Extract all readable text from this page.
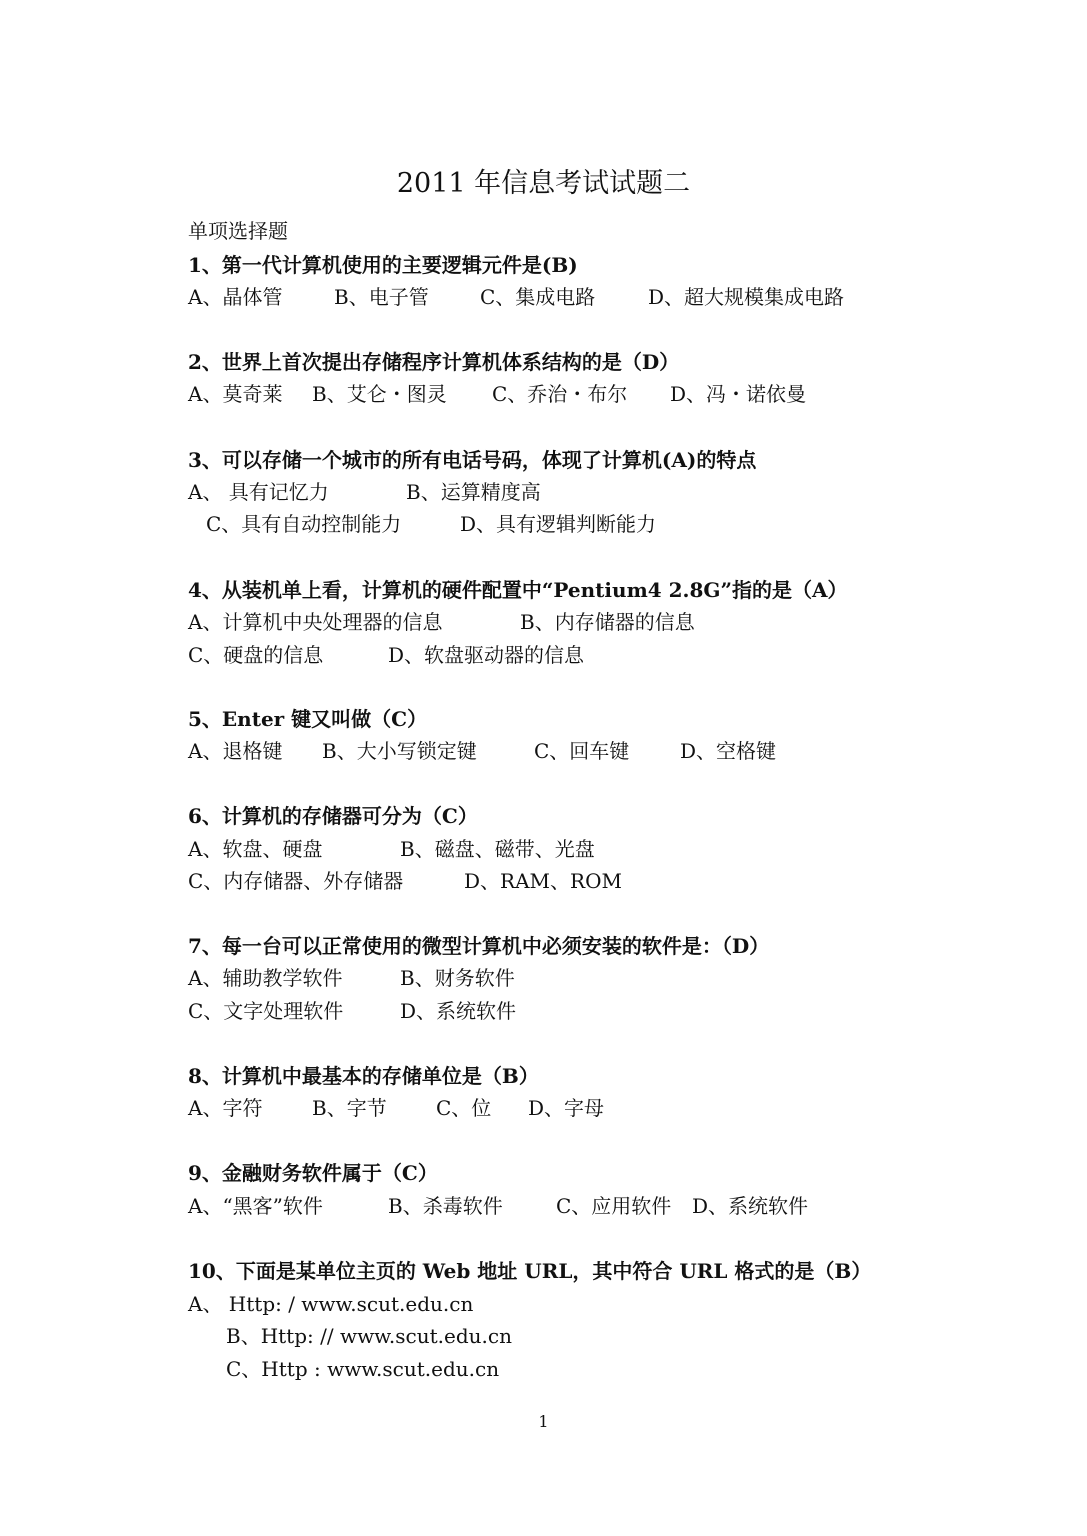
2011 年信息考试试题二

单项选择题

1、第一代计算机使用的主要逻辑元件是(B)

A、晶体管	B、电子管	C、集成电路	D、超大规模集成电路

2、世界上首次提出存储程序计算机体系结构的是（D）

A、莫奇莱 B、艾仑・图灵 C、乔治・布尔 D、冯・诺依曼

3、可以存储一个城市的所有电话号码，体现了计算机(A)的特点

A、 具有记忆力	B、运算精度高

C、具有自动控制能力	D、具有逻辑判断能力

4、从装机单上看，计算机的硬件配置中“Pentium4 2.8G”指的是（A）

A、计算机中央处理器的信息	B、内存储器的信息

C、硬盘的信息	D、软盘驱动器的信息

5、Enter 键又叫做（C）

A、退格键 B、大小写锁定键	C、回车键	D、空格键

6、计算机的存储器可分为（C）

A、软盘、硬盘	B、磁盘、磁带、光盘

C、内存储器、外存储器	D、RAM、ROM

7、每一台可以正常使用的微型计算机中必须安装的软件是：（D）

A、辅助教学软件	B、财务软件

C、文字处理软件	D、系统软件

8、计算机中最基本的存储单位是（B）

A、字符 B、字节 C、位 D、字母

9、金融财务软件属于（C）

A、“黑客”软件	B、杀毒软件	C、应用软件 D、系统软件

10、下面是某单位主页的 Web 地址 URL，其中符合 URL 格式的是（B）

A、 Http: / www.scut.edu.cn

B、Http: // www.scut.edu.cn

C、Http : www.scut.edu.cn

1
